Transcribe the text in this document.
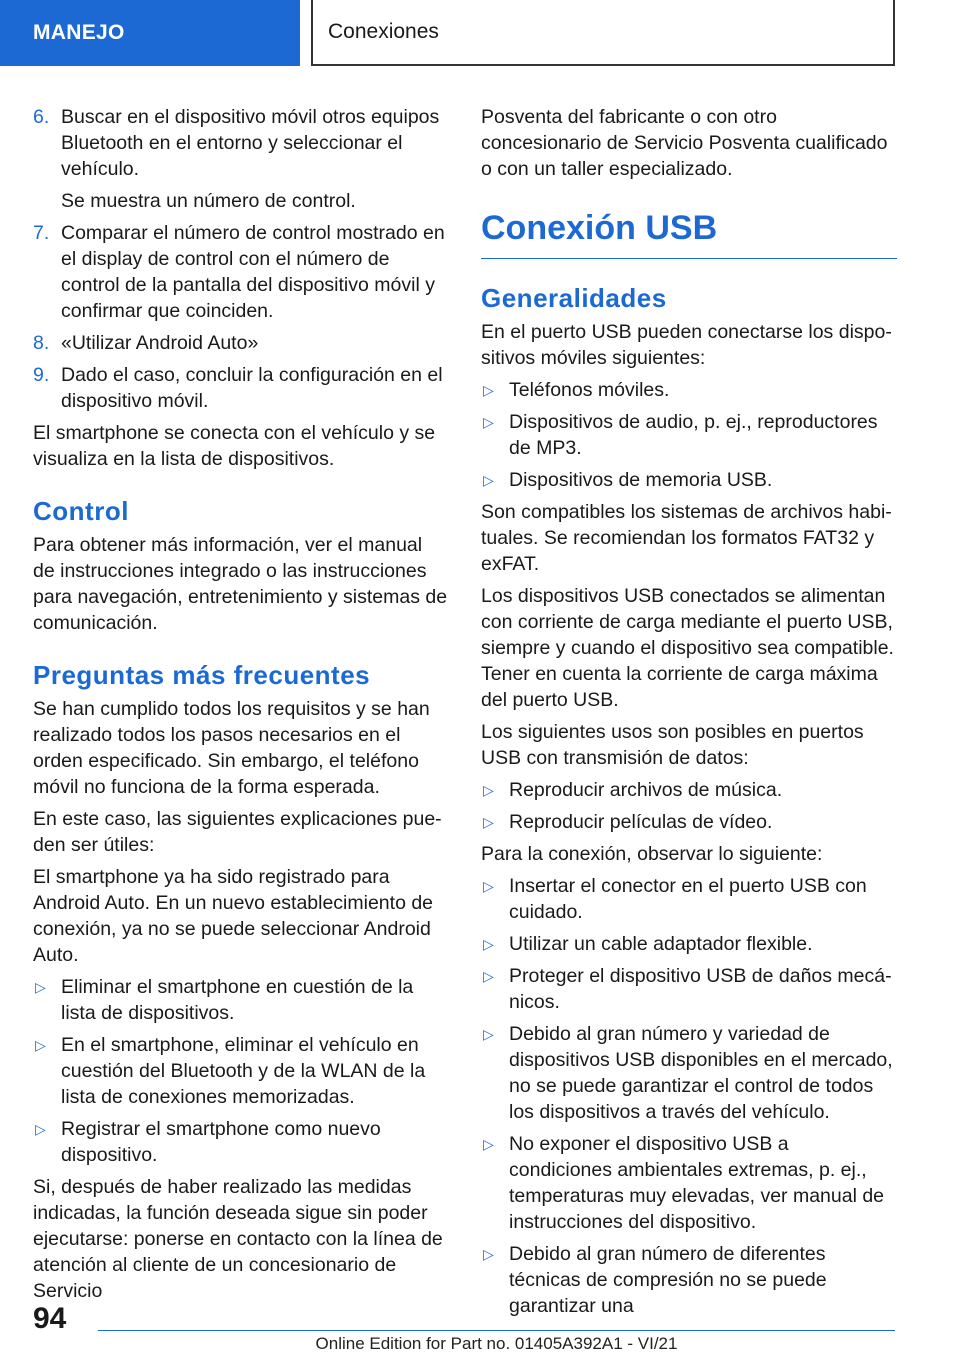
MANEJO	Conexiones
6. Buscar en el dispositivo móvil otros equipos Bluetooth en el entorno y seleccionar el vehículo.

Se muestra un número de control.

7. Comparar el número de control mostrado en el display de control con el número de control de la pantalla del dispositivo móvil y confirmar que coinciden.
8. «Utilizar Android Auto»
9. Dado el caso, concluir la configuración en el dispositivo móvil.

El smartphone se conecta con el vehículo y se visualiza en la lista de dispositivos.

Control

Para obtener más información, ver el manual de instrucciones integrado o las instrucciones para navegación, entretenimiento y sistemas de comunicación.

Preguntas más frecuentes

Se han cumplido todos los requisitos y se han realizado todos los pasos necesarios en el orden especificado. Sin embargo, el teléfono móvil no funciona de la forma esperada.

En este caso, las siguientes explicaciones pueden ser útiles:

El smartphone ya ha sido registrado para Android Auto. En un nuevo establecimiento de conexión, ya no se puede seleccionar Android Auto.

▷ Eliminar el smartphone en cuestión de la lista de dispositivos.
▷ En el smartphone, eliminar el vehículo en cuestión del Bluetooth y de la WLAN de la lista de conexiones memorizadas.
▷ Registrar el smartphone como nuevo dispositivo.

Si, después de haber realizado las medidas indicadas, la función deseada sigue sin poder ejecutarse: ponerse en contacto con la línea de atención al cliente de un concesionario de Servicio

Posventa del fabricante o con otro concesionario de Servicio Posventa cualificado o con un taller especializado.

Conexión USB
Generalidades

En el puerto USB pueden conectarse los dispositivos móviles siguientes:

▷ Teléfonos móviles.
▷ Dispositivos de audio, p. ej., reproductores de MP3.
▷ Dispositivos de memoria USB.

Son compatibles los sistemas de archivos habituales. Se recomiendan los formatos FAT32 y exFAT.

Los dispositivos USB conectados se alimentan con corriente de carga mediante el puerto USB, siempre y cuando el dispositivo sea compatible. Tener en cuenta la corriente de carga máxima del puerto USB.

Los siguientes usos son posibles en puertos USB con transmisión de datos:

▷ Reproducir archivos de música.
▷ Reproducir películas de vídeo.

Para la conexión, observar lo siguiente:

▷ Insertar el conector en el puerto USB con cuidado.
▷ Utilizar un cable adaptador flexible.
▷ Proteger el dispositivo USB de daños mecánicos.
▷ Debido al gran número y variedad de dispositivos USB disponibles en el mercado, no se puede garantizar el control de todos los dispositivos a través del vehículo.
▷ No exponer el dispositivo USB a condiciones ambientales extremas, p. ej., temperaturas muy elevadas, ver manual de instrucciones del dispositivo.
▷ Debido al gran número de diferentes técnicas de compresión no se puede garantizar una
94
Online Edition for Part no. 01405A392A1 - VI/21
